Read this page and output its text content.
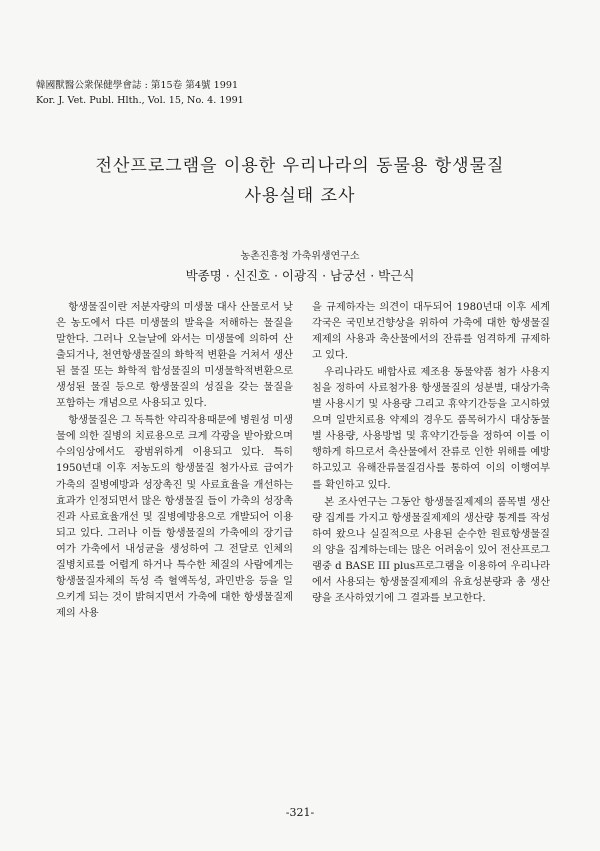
韓國獸醫公衆保健學會誌 : 第15卷 第4號 1991
Kor. J. Vet. Publ. Hlth., Vol. 15, No. 4. 1991
전산프로그램을 이용한 우리나라의 동물용 항생물질
사용실태 조사
농촌진흥청 가축위생연구소
박종명 · 신진호 · 이광직 · 남궁선 · 박근식

항생물질이란 저분자량의 미생물 대사 산물로서 낮은 농도에서 다른 미생물의 발육을 저해하는 물질을 말한다. 그러나 오늘날에 와서는 미생물에 의하여 산출되거나, 천연항생물질의 화학적 변환을 거쳐서 생산된 물질 또는 화학적 합성물질의 미생물학적변환으로 생성된 물질 등으로 항생물질의 성질을 갖는 물질을 포함하는 개념으로 사용되고 있다.

항생물질은 그 독특한 약리작용때문에 병원성 미생물에 의한 질병의 치료용으로 크게 각광을 받아왔으며 수의임상에서도 광범위하게 이용되고 있다. 특히 1950년대 이후 저농도의 항생물질 첨가사료 급여가 가축의 질병예방과 성장촉진 및 사료효율을 개선하는 효과가 인정되면서 많은 항생물질 들이 가축의 성장촉진과 사료효율개선 및 질병예방용으로 개발되어 이용되고 있다. 그러나 이들 항생물질의 가축에의 장기급여가 가축에서 내성균을 생성하여 그 전달로 인체의 질병치료를 어렵게 하거나 특수한 체질의 사람에게는 항생물질자체의 독성 즉 혈액독성, 과민반응 등을 일으키게 되는 것이 밝혀지면서 가축에 대한 항생물질제제의 사용

을 규제하자는 의견이 대두되어 1980년대 이후 세계각국은 국민보건향상을 위하여 가축에 대한 항생물질 제제의 사용과 축산물에서의 잔류를 엄격하게 규제하고 있다.

우리나라도 배합사료 제조용 동물약품 첨가 사용지침을 정하여 사료첨가용 항생물질의 성분별, 대상가축별 사용시기 및 사용량 그리고 휴약기간등을 고시하였으며 일반치료용 약제의 경우도 품목허가시 대상동물별 사용량, 사용방법 및 휴약기간등을 정하여 이를 이행하게 하므로서 축산물에서 잔류로 인한 위해를 예방하고있고 유해잔류물질검사를 통하여 이의 이행여부를 확인하고 있다.

본 조사연구는 그동안 항생물질제제의 품목별 생산량 집계를 가지고 항생물질제제의 생산량 통계를 작성하여 왔으나 실질적으로 사용된 순수한 원료항생물질의 양을 집계하는데는 많은 어려움이 있어 전산프로그램중 d BASE III plus프로그램을 이용하여 우리나라에서 사용되는 항생물질제제의 유효성분량과 총 생산량을 조사하였기에 그 결과를 보고한다.

-321-
